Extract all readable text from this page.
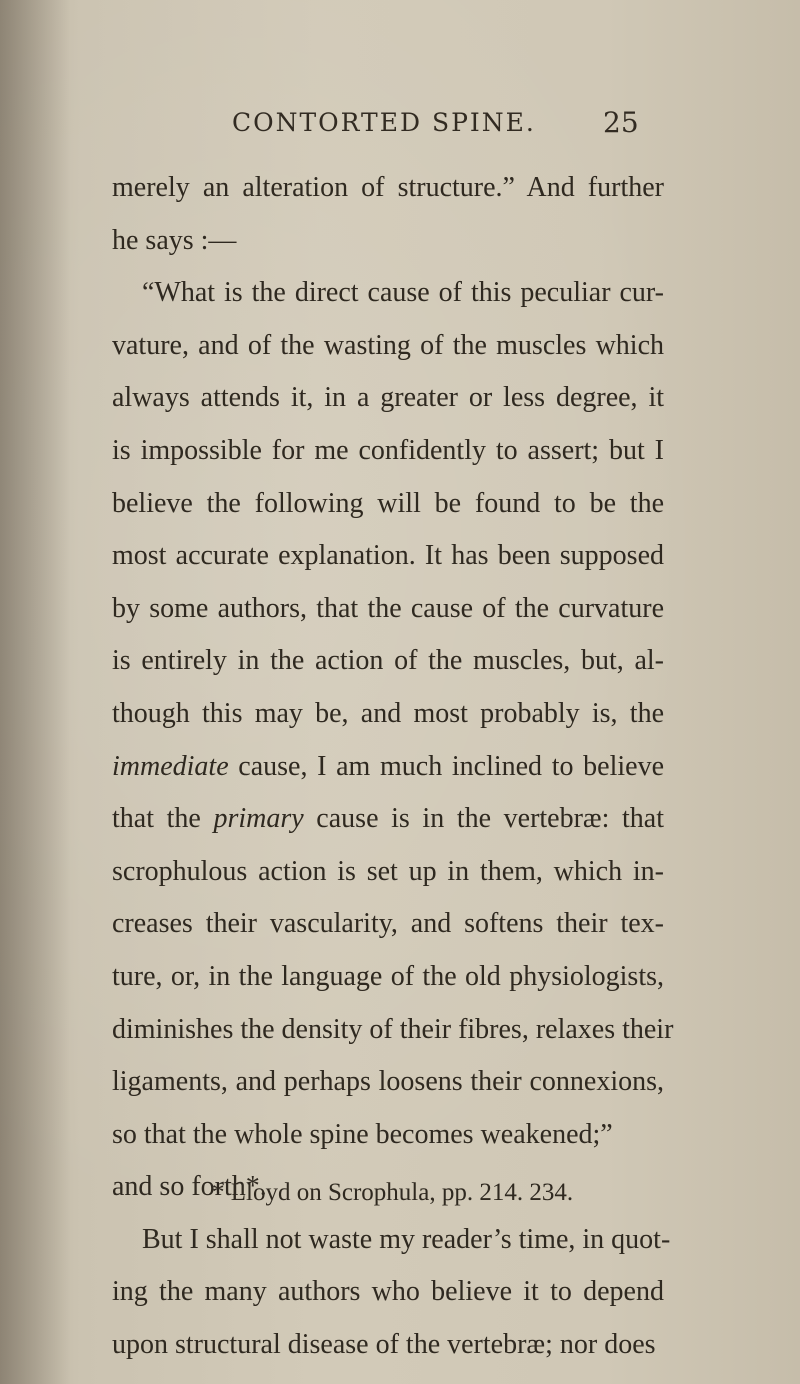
CONTORTED SPINE. 25
merely an alteration of structure.” And further
he says :—
“What is the direct cause of this peculiar cur-
vature, and of the wasting of the muscles which
always attends it, in a greater or less degree, it
is impossible for me confidently to assert; but I
believe the following will be found to be the
most accurate explanation. It has been supposed
by some authors, that the cause of the curvature
is entirely in the action of the muscles, but, al-
though this may be, and most probably is, the
immediate cause, I am much inclined to believe
that the primary cause is in the vertebræ: that
scrophulous action is set up in them, which in-
creases their vascularity, and softens their tex-
ture, or, in the language of the old physiologists,
diminishes the density of their fibres, relaxes their
ligaments, and perhaps loosens their connexions,
so that the whole spine becomes weakened;”
and so forth*.
But I shall not waste my reader’s time, in quot-
ing the many authors who believe it to depend
upon structural disease of the vertebræ; nor does
* Lloyd on Scrophula, pp. 214. 234.
